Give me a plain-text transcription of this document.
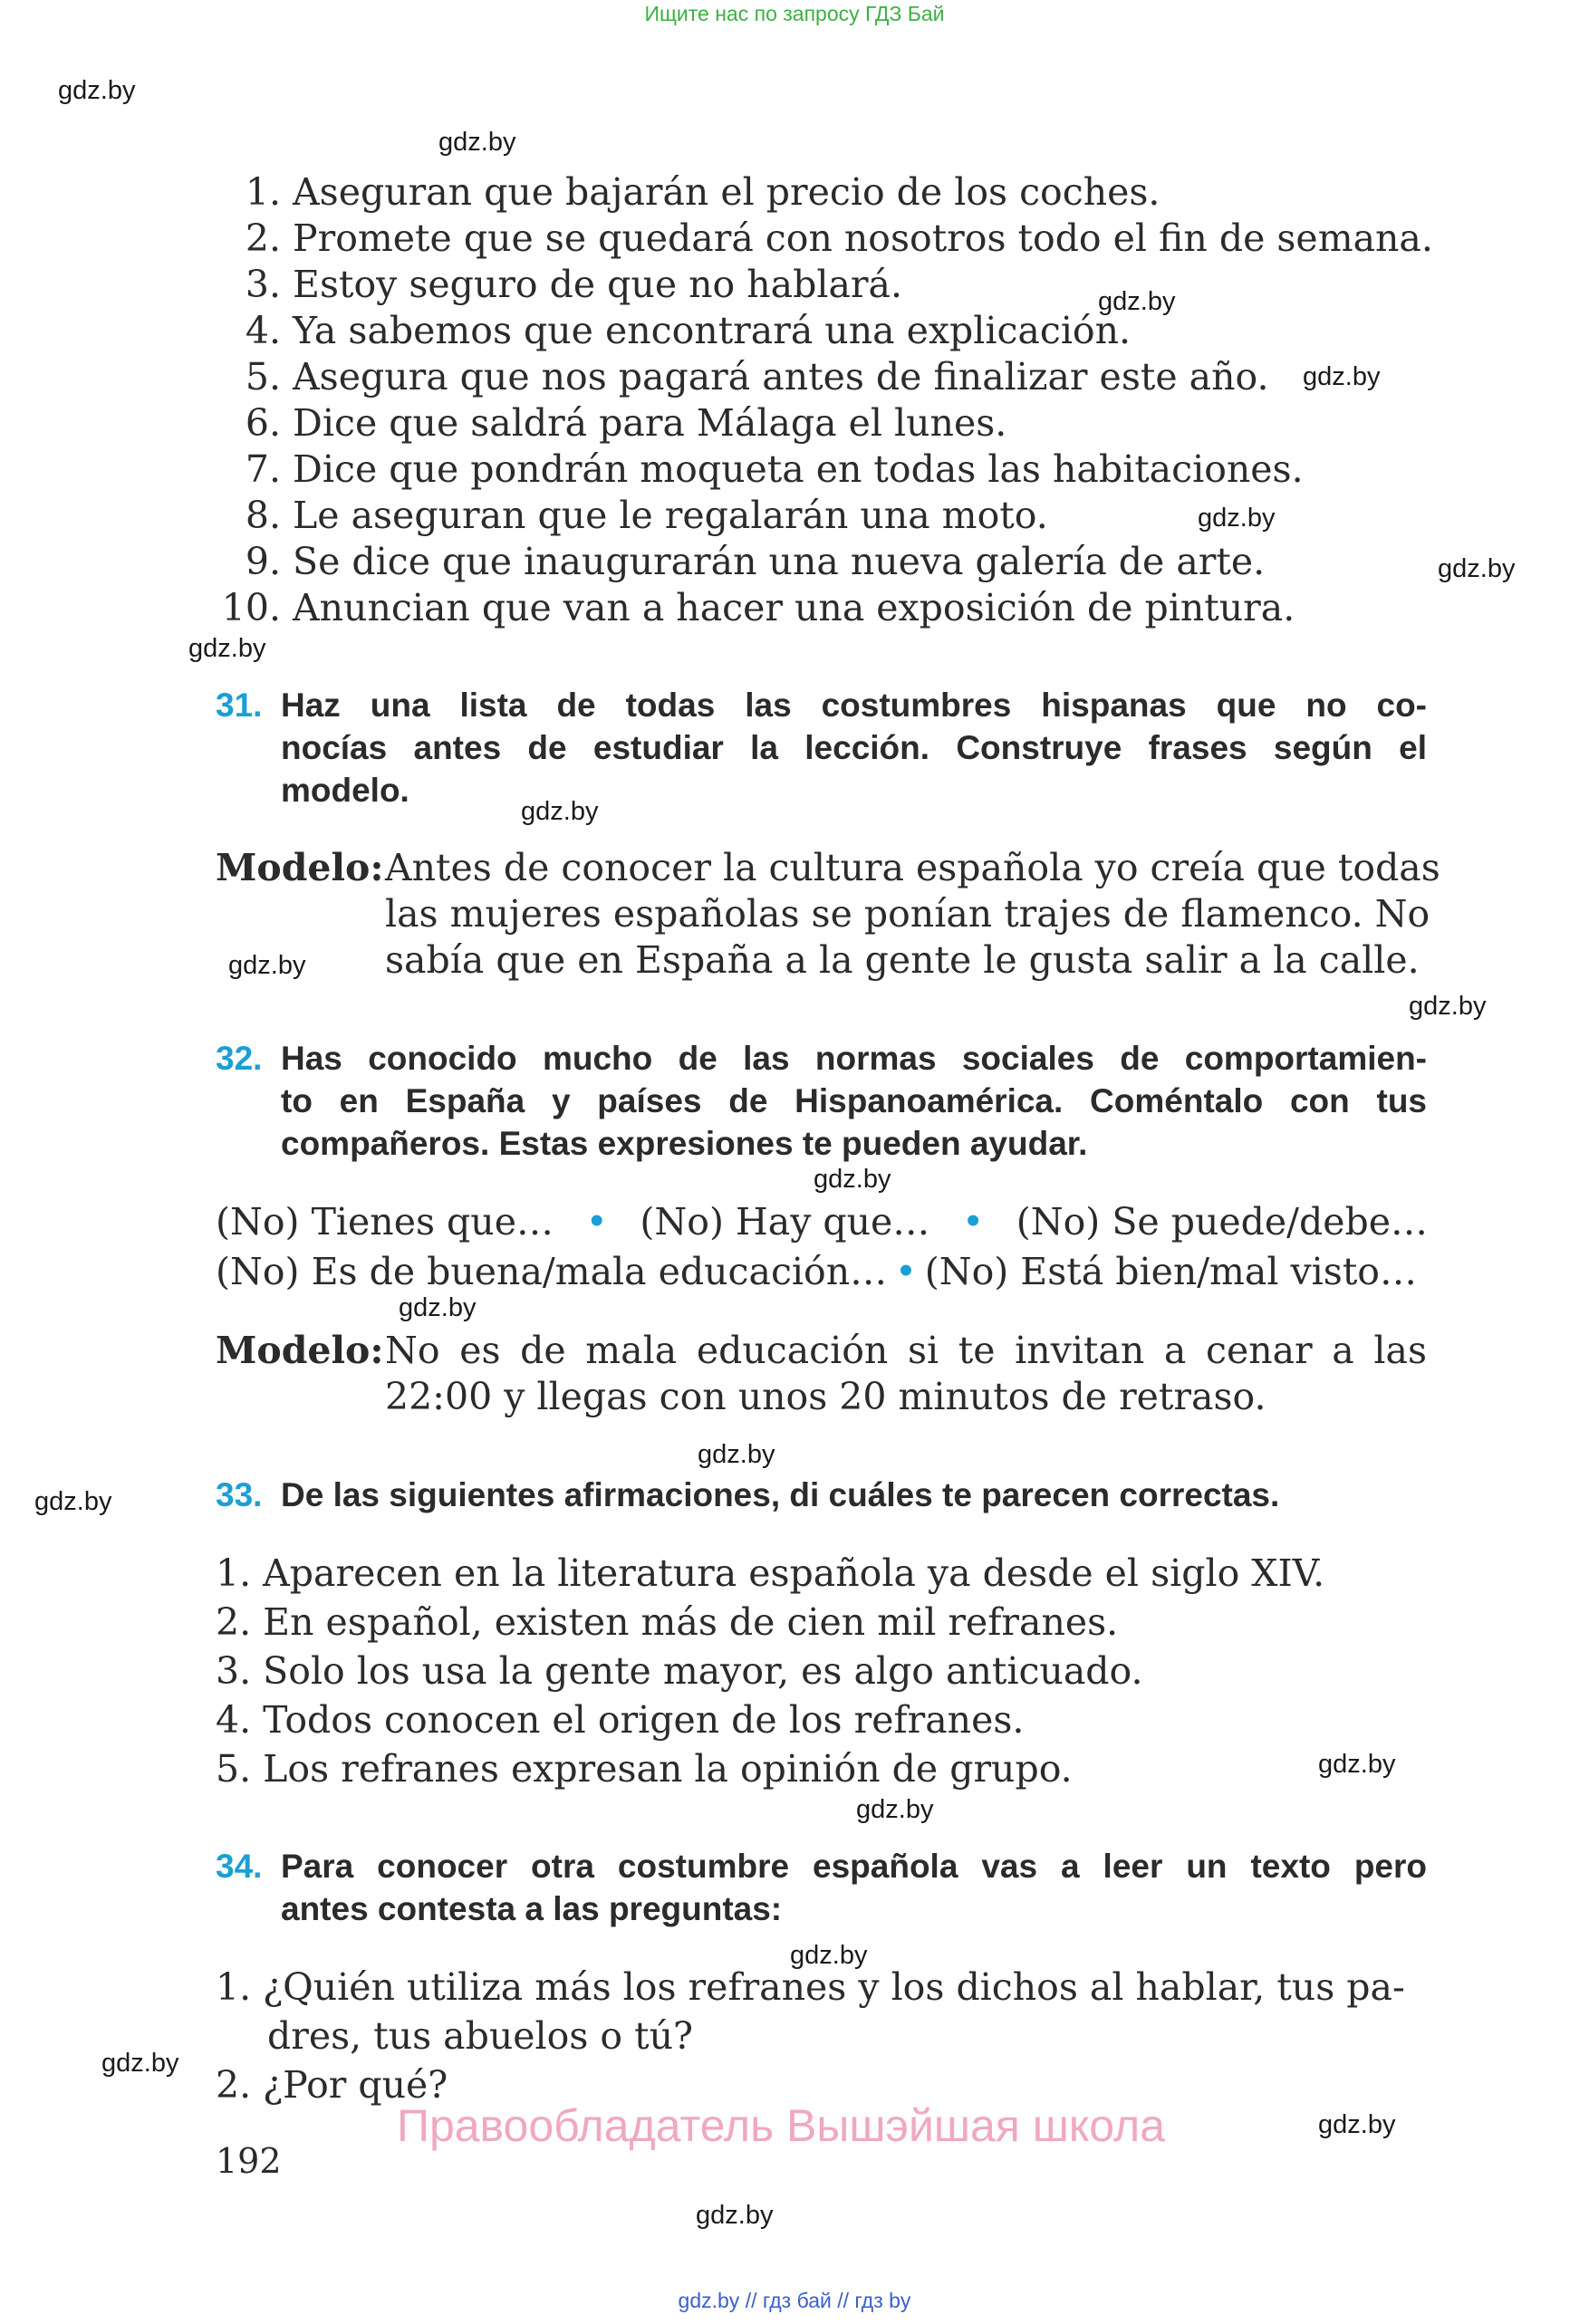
Ищите нас по запросу ГДЗ Бай
gdz.by
gdz.by
gdz.by
gdz.by
gdz.by
gdz.by
gdz.by
gdz.by
gdz.by
gdz.by
gdz.by
gdz.by
gdz.by
gdz.by
gdz.by
gdz.by
gdz.by
gdz.by
gdz.by
gdz.by
1. Aseguran que bajarán el precio de los coches.
2. Promete que se quedará con nosotros todo el fin de semana.
3. Estoy seguro de que no hablará.
4. Ya sabemos que encontrará una explicación.
5. Asegura que nos pagará antes de finalizar este año.
6. Dice que saldrá para Málaga el lunes.
7. Dice que pondrán moqueta en todas las habitaciones.
8. Le aseguran que le regalarán una moto.
9. Se dice que inaugurarán una nueva galería de arte.
10. Anuncian que van a hacer una exposición de pintura.
31. Haz una lista de todas las costumbres hispanas que no co-
nocías antes de estudiar la lección. Construye frases según el
modelo.
Modelo: Antes de conocer la cultura española yo creía que todas
las mujeres españolas se ponían trajes de flamenco. No
sabía que en España a la gente le gusta salir a la calle.
32. Has conocido mucho de las normas sociales de comportamien-
to en España y países de Hispanoamérica. Coméntalo con tus
compañeros. Estas expresiones te pueden ayudar.
(No) Tienes que… • (No) Hay que… • (No) Se puede/debe…
(No) Es de buena/mala educación… • (No) Está bien/mal visto…
Modelo: No es de mala educación si te invitan a cenar a las
22:00 y llegas con unos 20 minutos de retraso.
33. De las siguientes afirmaciones, di cuáles te parecen correctas.
1. Aparecen en la literatura española ya desde el siglo XIV.
2. En español, existen más de cien mil refranes.
3. Solo los usa la gente mayor, es algo anticuado.
4. Todos conocen el origen de los refranes.
5. Los refranes expresan la opinión de grupo.
34. Para conocer otra costumbre española vas a leer un texto pero
antes contesta a las preguntas:
1. ¿Quién utiliza más los refranes y los dichos al hablar, tus pa-
dres, tus abuelos o tú?
2. ¿Por qué?
Правообладатель Вышэйшая школа
192
gdz.by // гдз бай // гдз by
